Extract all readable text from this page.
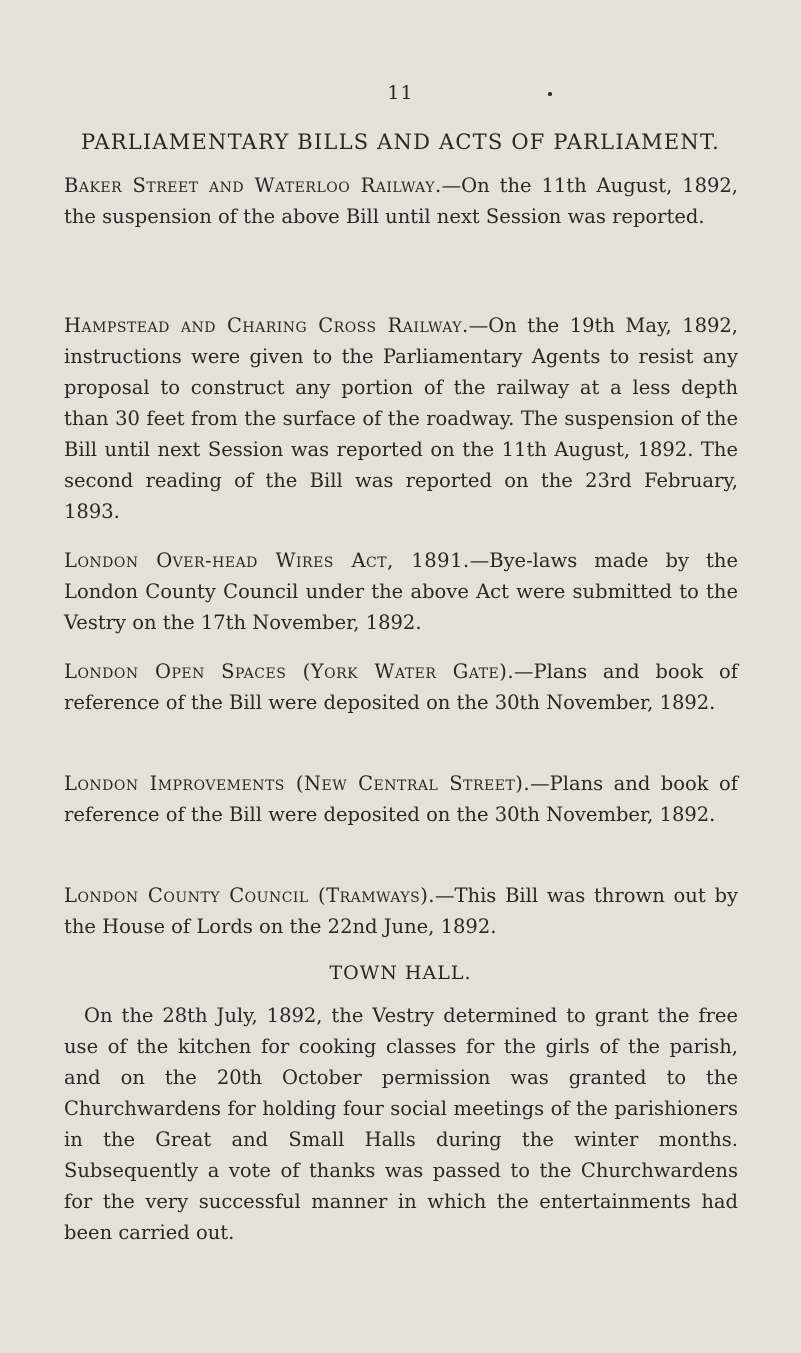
11
PARLIAMENTARY BILLS AND ACTS OF PARLIAMENT.

Baker Street and Waterloo Railway.—On the 11th August, 1892, the suspension of the above Bill until next Session was reported.

Hampstead and Charing Cross Railway.—On the 19th May, 1892, instructions were given to the Parliamentary Agents to resist any proposal to construct any portion of the railway at a less depth than 30 feet from the surface of the roadway. The suspension of the Bill until next Session was reported on the 11th August, 1892. The second reading of the Bill was reported on the 23rd February, 1893.

London Over-head Wires Act, 1891.—Bye-laws made by the London County Council under the above Act were submitted to the Vestry on the 17th November, 1892.

London Open Spaces (York Water Gate).—Plans and book of reference of the Bill were deposited on the 30th November, 1892.

London Improvements (New Central Street).—Plans and book of reference of the Bill were deposited on the 30th November, 1892.

London County Council (Tramways).—This Bill was thrown out by the House of Lords on the 22nd June, 1892.

TOWN HALL.

On the 28th July, 1892, the Vestry determined to grant the free use of the kitchen for cooking classes for the girls of the parish, and on the 20th October permission was granted to the Churchwardens for holding four social meetings of the parishioners in the Great and Small Halls during the winter months. Subsequently a vote of thanks was passed to the Churchwardens for the very successful manner in which the entertainments had been carried out.
